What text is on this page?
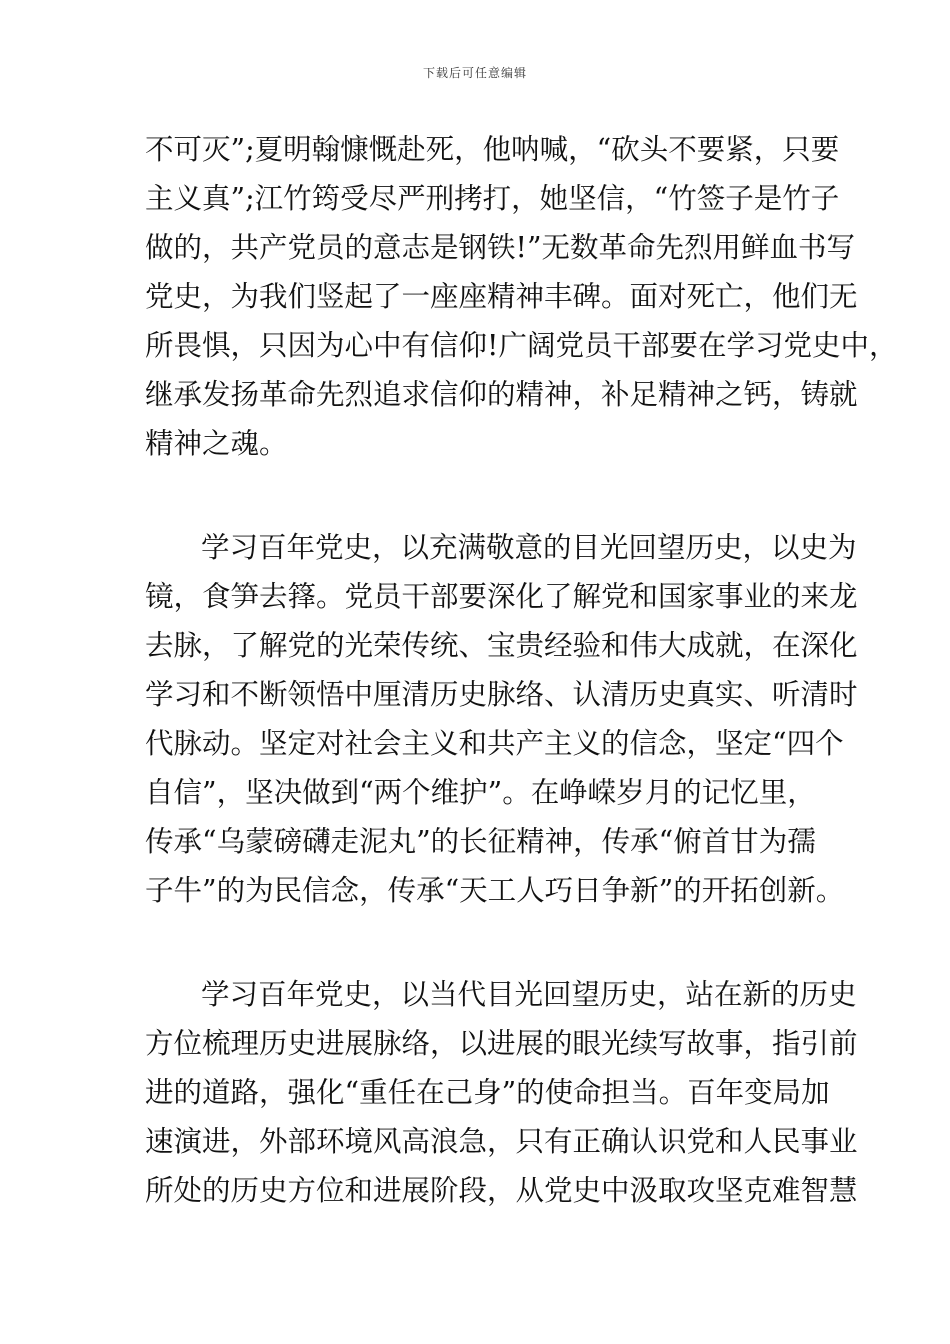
下载后可任意编辑
不可灭”;夏明翰慷慨赴死，他呐喊，“砍头不要紧，只要
主义真”;江竹筠受尽严刑拷打，她坚信，“竹签子是竹子
做的，共产党员的意志是钢铁!”无数革命先烈用鲜血书写
党史，为我们竖起了一座座精神丰碑。面对死亡，他们无
所畏惧，只因为心中有信仰!广阔党员干部要在学习党史中，
继承发扬革命先烈追求信仰的精神，补足精神之钙，铸就
精神之魂。
学习百年党史，以充满敬意的目光回望历史，以史为
镜，食笋去箨。党员干部要深化了解党和国家事业的来龙
去脉，了解党的光荣传统、宝贵经验和伟大成就，在深化
学习和不断领悟中厘清历史脉络、认清历史真实、听清时
代脉动。坚定对社会主义和共产主义的信念，坚定“四个
自信”，坚决做到“两个维护”。在峥嵘岁月的记忆里，
传承“乌蒙磅礴走泥丸”的长征精神，传承“俯首甘为孺
子牛”的为民信念，传承“天工人巧日争新”的开拓创新。
学习百年党史，以当代目光回望历史，站在新的历史
方位梳理历史进展脉络，以进展的眼光续写故事，指引前
进的道路，强化“重任在己身”的使命担当。百年变局加
速演进，外部环境风高浪急，只有正确认识党和人民事业
所处的历史方位和进展阶段，从党史中汲取攻坚克难智慧
